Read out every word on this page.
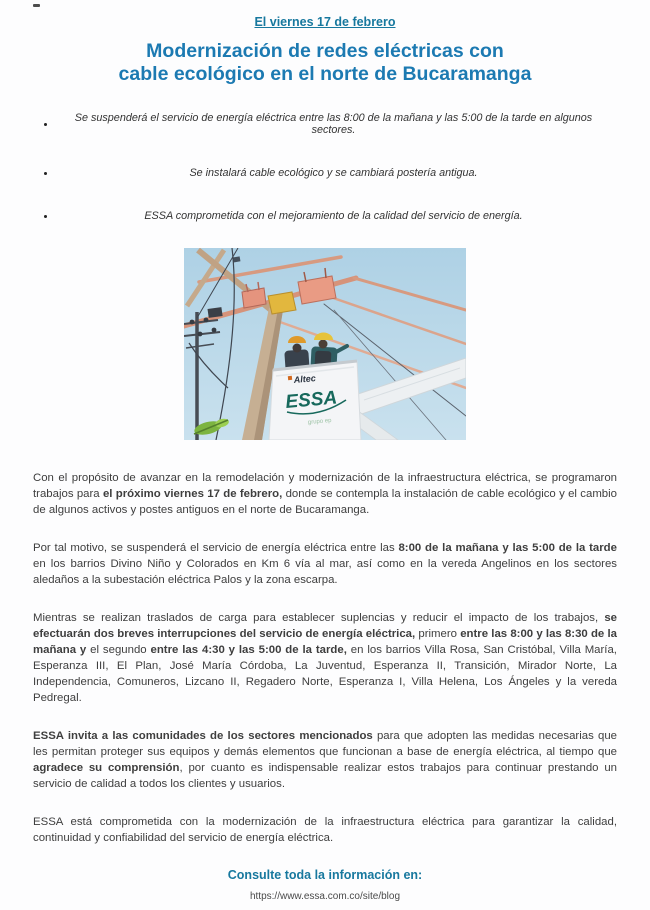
El viernes 17 de febrero
Modernización de redes eléctricas con
cable ecológico en el norte de Bucaramanga
Se suspenderá el servicio de energía eléctrica entre las 8:00 de la mañana y las 5:00 de la tarde en algunos sectores.
Se instalará cable ecológico y se cambiará postería antigua.
ESSA comprometida con el mejoramiento de la calidad del servicio de energía.
Altec
ESSA
grupo ep

Con el propósito de avanzar en la remodelación y modernización de la infraestructura eléctrica, se programaron trabajos para el próximo viernes 17 de febrero, donde se contempla la instalación de cable ecológico y el cambio de algunos activos y postes antiguos en el norte de Bucaramanga.

Por tal motivo, se suspenderá el servicio de energía eléctrica entre las 8:00 de la mañana y las 5:00 de la tarde en los barrios Divino Niño y Colorados en Km 6 vía al mar, así como en la vereda Angelinos en los sectores aledaños a la subestación eléctrica Palos y la zona escarpa.

Mientras se realizan traslados de carga para establecer suplencias y reducir el impacto de los trabajos, se efectuarán dos breves interrupciones del servicio de energía eléctrica, primero entre las 8:00 y las 8:30 de la mañana y el segundo entre las 4:30 y las 5:00 de la tarde, en los barrios Villa Rosa, San Cristóbal, Villa María, Esperanza III, El Plan, José María Córdoba, La Juventud, Esperanza II, Transición, Mirador Norte, La Independencia, Comuneros, Lizcano II, Regadero Norte, Esperanza I, Villa Helena, Los Ángeles y la vereda Pedregal.

ESSA invita a las comunidades de los sectores mencionados para que adopten las medidas necesarias que les permitan proteger sus equipos y demás elementos que funcionan a base de energía eléctrica, al tiempo que agradece su comprensión, por cuanto es indispensable realizar estos trabajos para continuar prestando un servicio de calidad a todos los clientes y usuarios.

ESSA está comprometida con la modernización de la infraestructura eléctrica para garantizar la calidad, continuidad y confiabilidad del servicio de energía eléctrica.

Consulte toda la información en:
https://www.essa.com.co/site/blog
